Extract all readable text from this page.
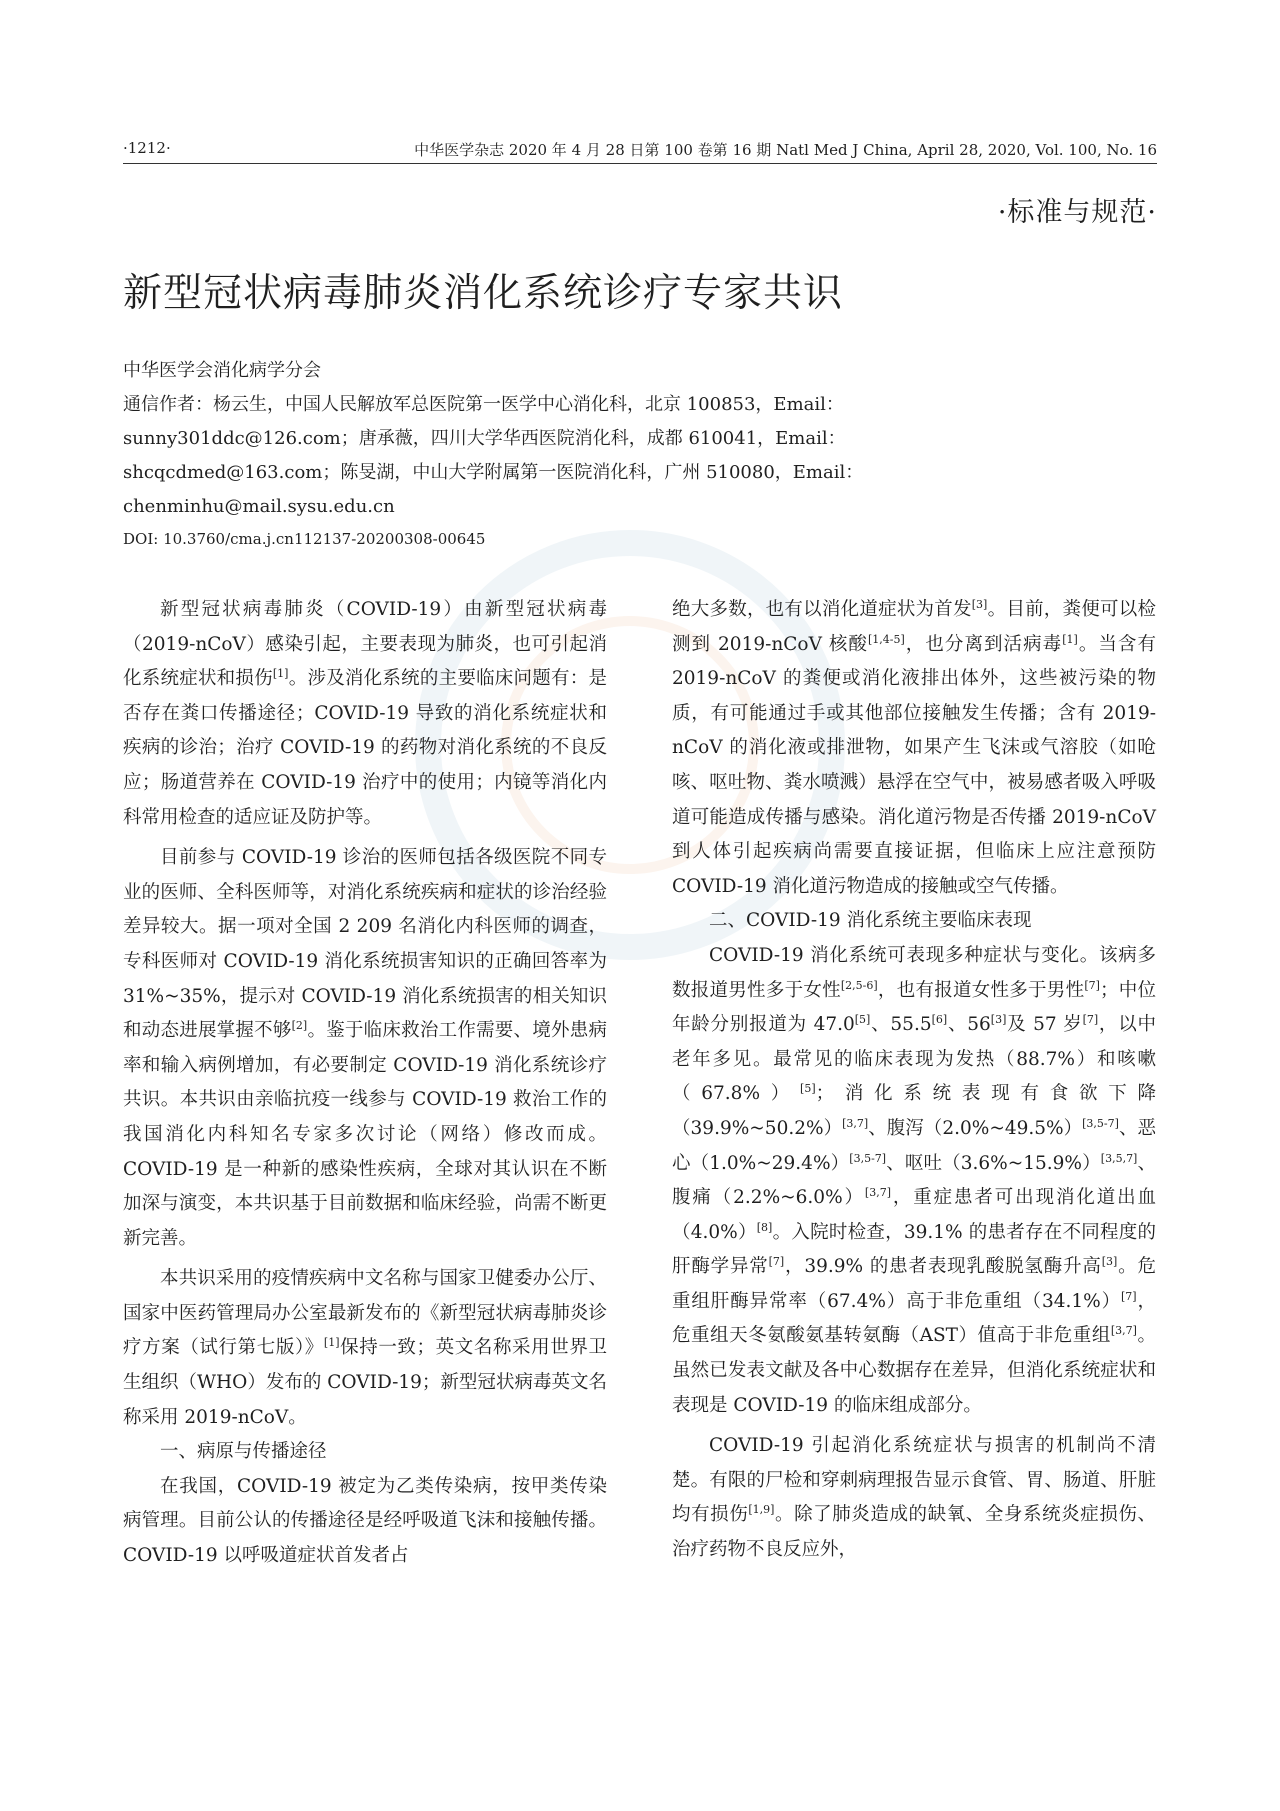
·1212·	中华医学杂志 2020 年 4 月 28 日第 100 卷第 16 期 Natl Med J China, April 28, 2020, Vol. 100, No. 16
·标准与规范·
新型冠状病毒肺炎消化系统诊疗专家共识

中华医学会消化病学分会

通信作者：杨云生，中国人民解放军总医院第一医学中心消化科，北京 100853，Email：

sunny301ddc@126.com；唐承薇，四川大学华西医院消化科，成都 610041，Email：

shcqcdmed@163.com；陈旻湖，中山大学附属第一医院消化科，广州 510080，Email：

chenminhu@mail.sysu.edu.cn

DOI: 10.3760/cma.j.cn112137-20200308-00645

新型冠状病毒肺炎（COVID-19）由新型冠状病毒（2019-nCoV）感染引起，主要表现为肺炎，也可引起消化系统症状和损伤[1]。涉及消化系统的主要临床问题有：是否存在粪口传播途径；COVID-19 导致的消化系统症状和疾病的诊治；治疗 COVID-19 的药物对消化系统的不良反应；肠道营养在 COVID-19 治疗中的使用；内镜等消化内科常用检查的适应证及防护等。

目前参与 COVID-19 诊治的医师包括各级医院不同专业的医师、全科医师等，对消化系统疾病和症状的诊治经验差异较大。据一项对全国 2 209 名消化内科医师的调查，专科医师对 COVID-19 消化系统损害知识的正确回答率为 31%~35%，提示对 COVID-19 消化系统损害的相关知识和动态进展掌握不够[2]。鉴于临床救治工作需要、境外患病率和输入病例增加，有必要制定 COVID-19 消化系统诊疗共识。本共识由亲临抗疫一线参与 COVID-19 救治工作的我国消化内科知名专家多次讨论（网络）修改而成。COVID-19 是一种新的感染性疾病，全球对其认识在不断加深与演变，本共识基于目前数据和临床经验，尚需不断更新完善。

本共识采用的疫情疾病中文名称与国家卫健委办公厅、国家中医药管理局办公室最新发布的《新型冠状病毒肺炎诊疗方案（试行第七版）》[1]保持一致；英文名称采用世界卫生组织（WHO）发布的 COVID-19；新型冠状病毒英文名称采用 2019-nCoV。

一、病原与传播途径

在我国，COVID-19 被定为乙类传染病，按甲类传染病管理。目前公认的传播途径是经呼吸道飞沫和接触传播。COVID-19 以呼吸道症状首发者占

绝大多数，也有以消化道症状为首发[3]。目前，粪便可以检测到 2019-nCoV 核酸[1,4-5]，也分离到活病毒[1]。当含有 2019-nCoV 的粪便或消化液排出体外，这些被污染的物质，有可能通过手或其他部位接触发生传播；含有 2019-nCoV 的消化液或排泄物，如果产生飞沫或气溶胶（如呛咳、呕吐物、粪水喷溅）悬浮在空气中，被易感者吸入呼吸道可能造成传播与感染。消化道污物是否传播 2019-nCoV 到人体引起疾病尚需要直接证据，但临床上应注意预防 COVID-19 消化道污物造成的接触或空气传播。

二、COVID-19 消化系统主要临床表现

COVID-19 消化系统可表现多种症状与变化。该病多数报道男性多于女性[2,5-6]，也有报道女性多于男性[7]；中位年龄分别报道为 47.0[5]、55.5[6]、56[3]及 57 岁[7]，以中老年多见。最常见的临床表现为发热（88.7%）和咳嗽（67.8%）[5]；消化系统表现有食欲下降（39.9%~50.2%）[3,7]、腹泻（2.0%~49.5%）[3,5-7]、恶心（1.0%~29.4%）[3,5-7]、呕吐（3.6%~15.9%）[3,5,7]、腹痛（2.2%~6.0%）[3,7]，重症患者可出现消化道出血（4.0%）[8]。入院时检查，39.1% 的患者存在不同程度的肝酶学异常[7]，39.9% 的患者表现乳酸脱氢酶升高[3]。危重组肝酶异常率（67.4%）高于非危重组（34.1%）[7]，危重组天冬氨酸氨基转氨酶（AST）值高于非危重组[3,7]。虽然已发表文献及各中心数据存在差异，但消化系统症状和表现是 COVID-19 的临床组成部分。

COVID-19 引起消化系统症状与损害的机制尚不清楚。有限的尸检和穿刺病理报告显示食管、胃、肠道、肝脏均有损伤[1,9]。除了肺炎造成的缺氧、全身系统炎症损伤、治疗药物不良反应外，
